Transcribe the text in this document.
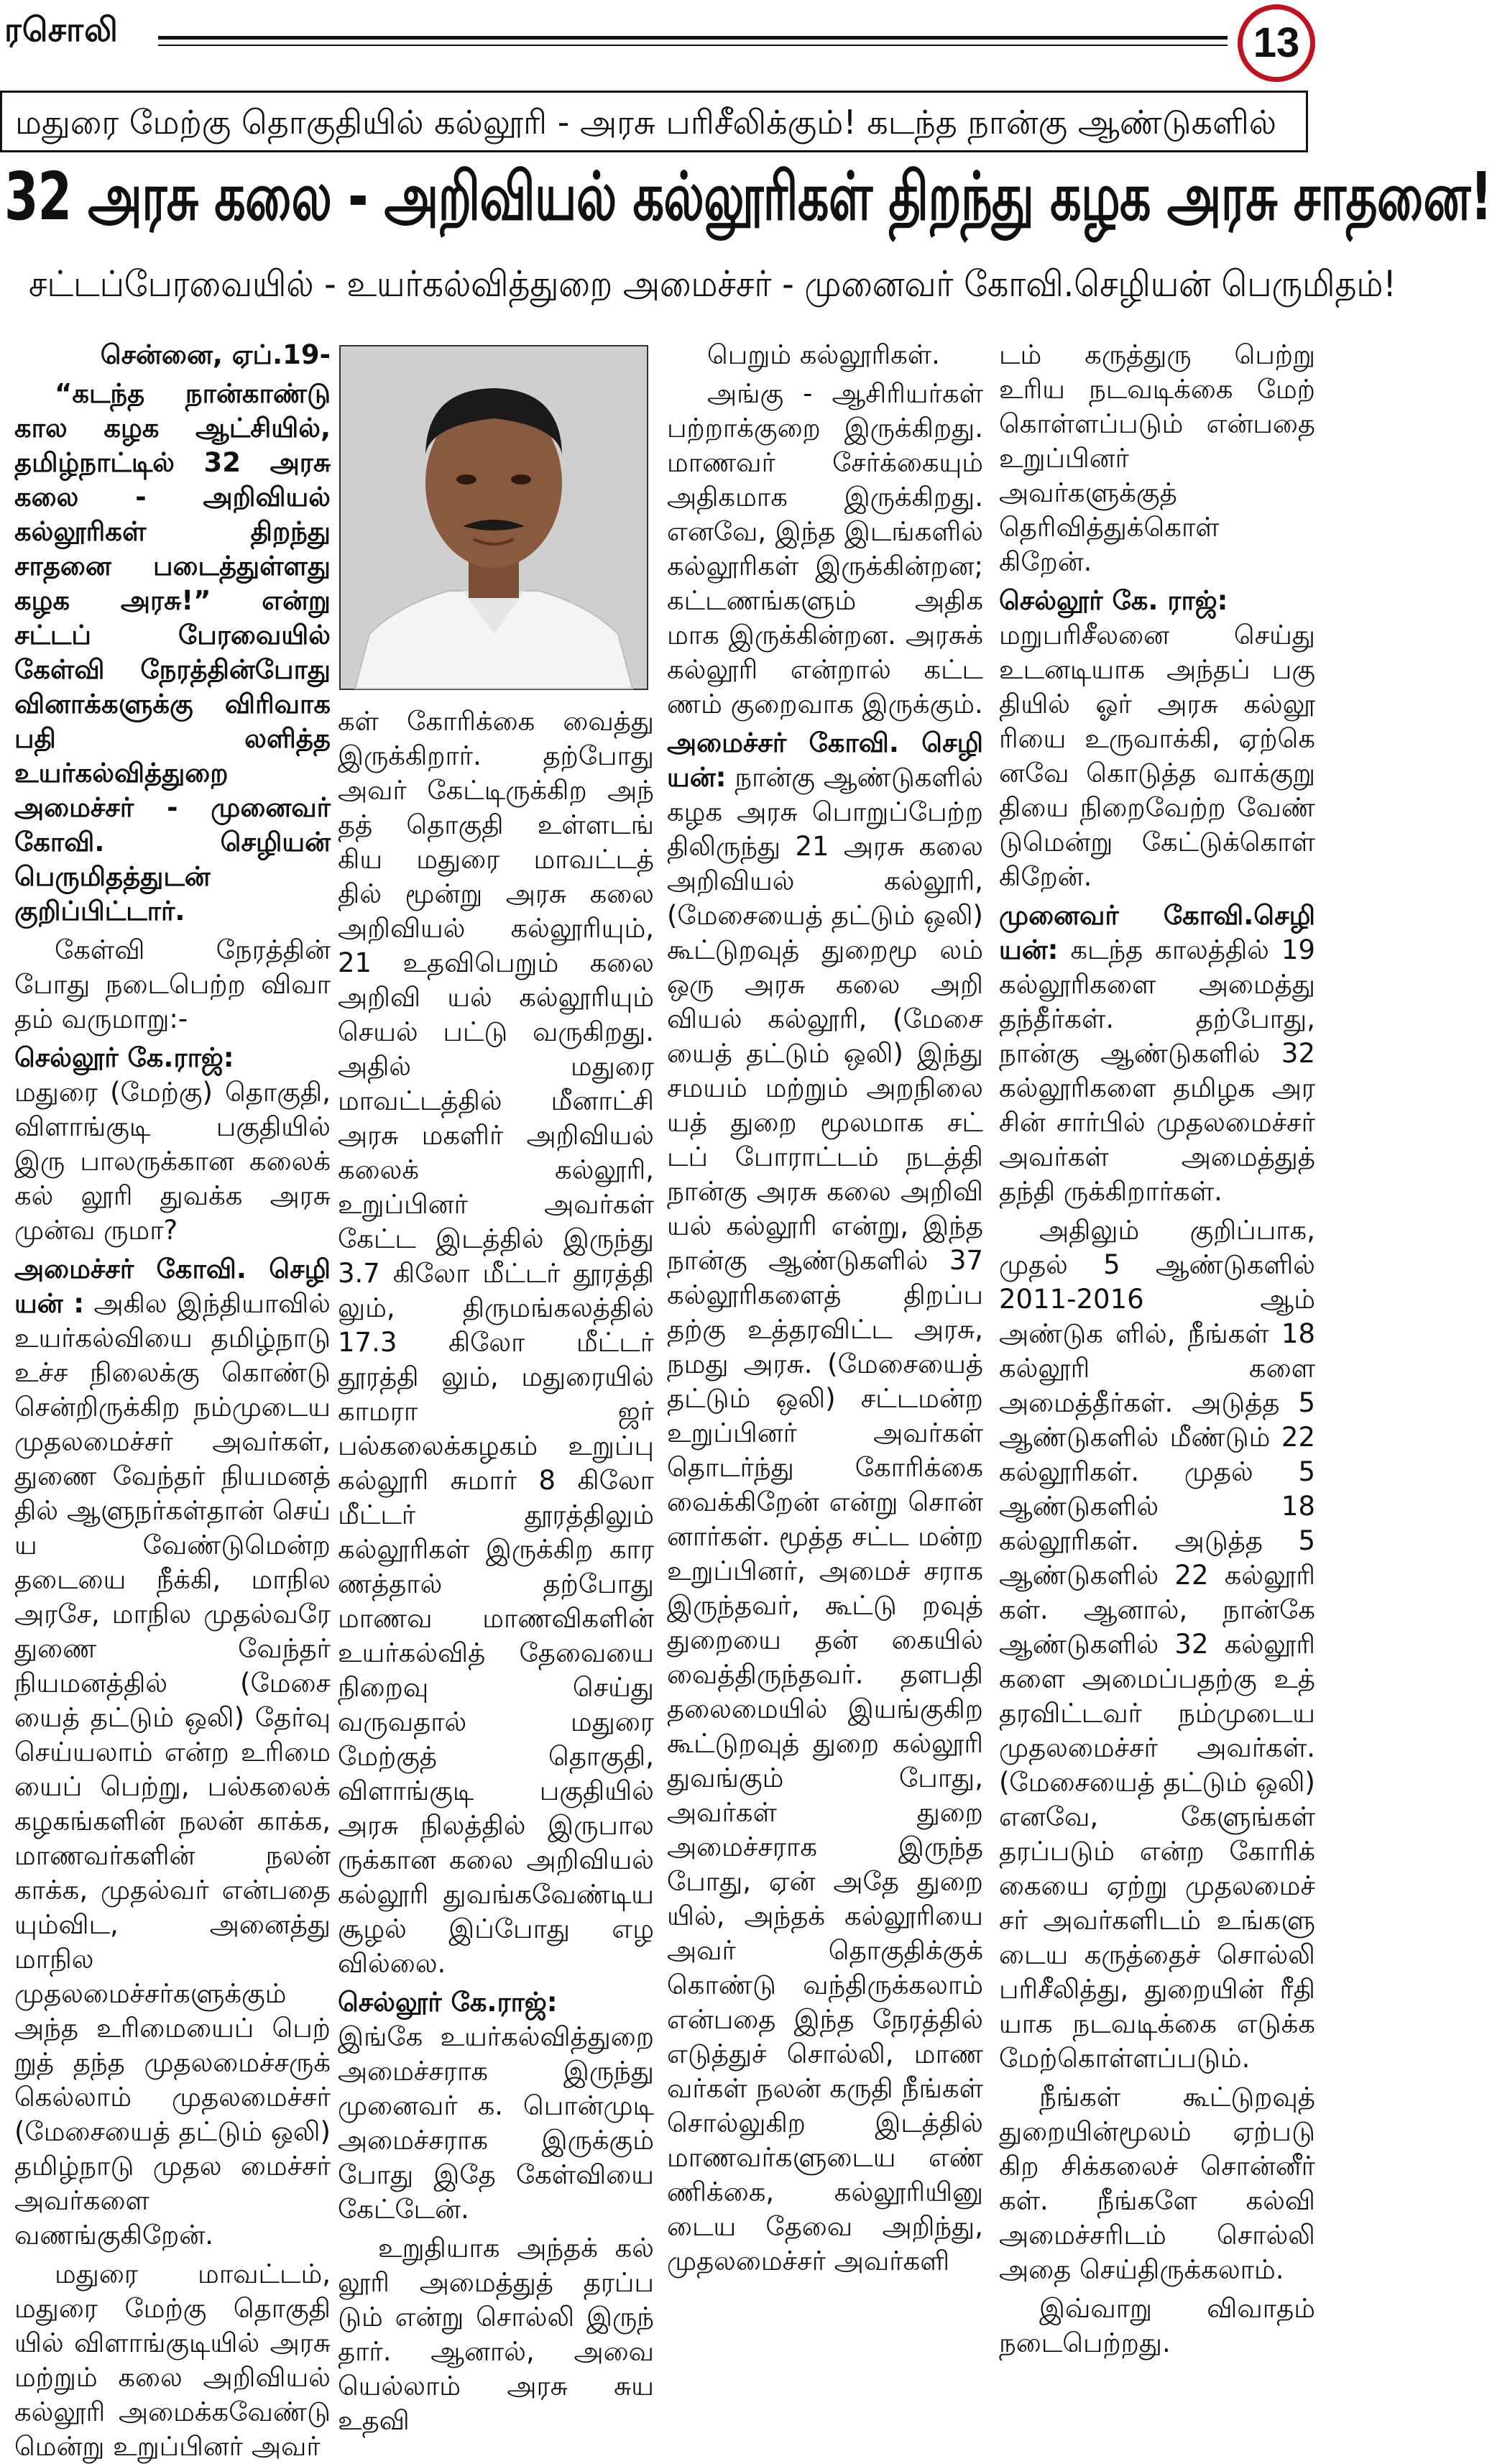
ரசொலி	13
மதுரை மேற்கு தொகுதியில் கல்லூரி - அரசு பரிசீலிக்கும்! கடந்த நான்கு ஆண்டுகளில்
32 அரசு கலை - அறிவியல் கல்லூரிகள் திறந்து கழக அரசு சாதனை!
சட்டப்பேரவையில் - உயர்கல்வித்துறை அமைச்சர் - முனைவர் கோவி.செழியன் பெருமிதம்!

சென்னை, ஏப்.19-

“கடந்த நான்காண்டு கால கழக ஆட்சியில், தமிழ்நாட்டில் 32 அரசு கலை - அறிவியல் கல்லூரிகள் திறந்து சாதனை படைத்துள்ளது கழக அரசு!” என்று சட்டப் பேரவையில் கேள்வி நேரத்தின்போது வினாக்களுக்கு விரிவாக பதி லளித்த உயர்கல்வித்துறை அமைச்சர் - முனைவர் கோவி. செழியன் பெருமிதத்துடன் குறிப்பிட்டார்.

கேள்வி நேரத்தின் போது நடைபெற்ற விவா தம் வருமாறு:-

செல்லூர் கே.ராஜ்:
மதுரை (மேற்கு) தொகுதி, விளாங்குடி பகுதியில் இரு பாலருக்கான கலைக் கல் லூரி துவக்க அரசு முன்வ ருமா?

அமைச்சர் கோவி. செழி யன் : அகில இந்தியாவில் உயர்கல்வியை தமிழ்நாடு உச்ச நிலைக்கு கொண்டு சென்றிருக்கிற நம்முடைய முதலமைச்சர் அவர்கள், துணை வேந்தர் நியமனத் தில் ஆளுநர்கள்தான் செய் ய வேண்டுமென்ற தடையை நீக்கி, மாநில அரசே, மாநில முதல்வரே துணை வேந்தர் நியமனத்தில் (மேசை யைத் தட்டும் ஒலி) தேர்வு செய்யலாம் என்ற உரிமை யைப் பெற்று, பல்கலைக் கழகங்களின் நலன் காக்க, மாணவர்களின் நலன் காக்க, முதல்வர் என்பதை யும்விட, அனைத்து மாநில முதலமைச்சர்களுக்கும் அந்த உரிமையைப் பெற் றுத் தந்த முதலமைச்சருக் கெல்லாம் முதலமைச்சர் (மேசையைத் தட்டும் ஒலி) தமிழ்நாடு முதல மைச்சர் அவர்களை வணங்குகிறேன்.

மதுரை மாவட்டம், மதுரை மேற்கு தொகுதி யில் விளாங்குடியில் அரசு மற்றும் கலை அறிவியல் கல்லூரி அமைக்கவேண்டு மென்று உறுப்பினர் அவர்

கள் கோரிக்கை வைத்து இருக்கிறார். தற்போது அவர் கேட்டிருக்கிற அந் தத் தொகுதி உள்ளடங் கிய மதுரை மாவட்டத் தில் மூன்று அரசு கலை அறிவியல் கல்லூரியும், 21 உதவிபெறும் கலை அறிவி யல் கல்லூரியும் செயல் பட்டு வருகிறது. அதில் மதுரை மாவட்டத்தில் மீனாட்சி அரசு மகளிர் அறிவியல் கலைக் கல்லூரி, உறுப்பினர் அவர்கள் கேட்ட இடத்தில் இருந்து 3.7 கிலோ மீட்டர் தூரத்தி லும், திருமங்கலத்தில் 17.3 கிலோ மீட்டர் தூரத்தி லும், மதுரையில் காமரா ஜர் பல்கலைக்கழகம் உறுப்பு கல்லூரி சுமார் 8 கிலோ மீட்டர் தூரத்திலும் கல்லூரிகள் இருக்கிற கார ணத்தால் தற்போது மாணவ மாணவிகளின் உயர்கல்வித் தேவையை நிறைவு செய்து வருவதால் மதுரை மேற்குத் தொகுதி, விளாங்குடி பகுதியில் அரசு நிலத்தில் இருபால ருக்கான கலை அறிவியல் கல்லூரி துவங்கவேண்டிய சூழல் இப்போது எழ வில்லை.

செல்லூர் கே.ராஜ்:
இங்கே உயர்கல்வித்துறை அமைச்சராக இருந்து முனைவர் க. பொன்முடி அமைச்சராக இருக்கும் போது இதே கேள்வியை கேட்டேன்.

உறுதியாக அந்தக் கல் லூரி அமைத்துத் தரப்ப டும் என்று சொல்லி இருந் தார். ஆனால், அவை யெல்லாம் அரசு சுய உதவி

பெறும் கல்லூரிகள்.

அங்கு - ஆசிரியர்கள் பற்றாக்குறை இருக்கிறது. மாணவர் சேர்க்கையும் அதிகமாக இருக்கிறது. எனவே, இந்த இடங்களில் கல்லூரிகள் இருக்கின்றன; கட்டணங்களும் அதிக மாக இருக்கின்றன. அரசுக் கல்லூரி என்றால் கட்ட ணம் குறைவாக இருக்கும்.

அமைச்சர் கோவி. செழி யன்: நான்கு ஆண்டுகளில் கழக அரசு பொறுப்பேற்ற திலிருந்து 21 அரசு கலை அறிவியல் கல்லூரி, (மேசையைத் தட்டும் ஒலி) கூட்டுறவுத் துறைமூ லம் ஒரு அரசு கலை அறி வியல் கல்லூரி, (மேசை யைத் தட்டும் ஒலி) இந்து சமயம் மற்றும் அறநிலை யத் துறை மூலமாக சட் டப் போராட்டம் நடத்தி நான்கு அரசு கலை அறிவி யல் கல்லூரி என்று, இந்த நான்கு ஆண்டுகளில் 37 கல்லூரிகளைத் திறப்ப தற்கு உத்தரவிட்ட அரசு, நமது அரசு. (மேசையைத் தட்டும் ஒலி) சட்டமன்ற உறுப்பினர் அவர்கள் தொடர்ந்து கோரிக்கை வைக்கிறேன் என்று சொன் னார்கள். மூத்த சட்ட மன்ற உறுப்பினர், அமைச் சராக இருந்தவர், கூட்டு றவுத் துறையை தன் கையில் வைத்திருந்தவர். தளபதி தலைமையில் இயங்குகிற கூட்டுறவுத் துறை கல்லூரி துவங்கும் போது, அவர்கள் துறை அமைச்சராக இருந்த போது, ஏன் அதே துறை யில், அந்தக் கல்லூரியை அவர் தொகுதிக்குக் கொண்டு வந்திருக்கலாம் என்பதை இந்த நேரத்தில் எடுத்துச் சொல்லி, மாண வர்கள் நலன் கருதி நீங்கள் சொல்லுகிற இடத்தில் மாணவர்களுடைய எண் ணிக்கை, கல்லூரியினு டைய தேவை அறிந்து, முதலமைச்சர் அவர்களி

டம் கருத்துரு பெற்று உரிய நடவடிக்கை மேற் கொள்ளப்படும் என்பதை உறுப்பினர் அவர்களுக்குத் தெரிவித்துக்கொள் கிறேன்.

செல்லூர் கே. ராஜ்:
மறுபரிசீலனை செய்து உடனடியாக அந்தப் பகு தியில் ஓர் அரசு கல்லூ ரியை உருவாக்கி, ஏற்கெ னவே கொடுத்த வாக்குறு தியை நிறைவேற்ற வேண் டுமென்று கேட்டுக்கொள் கிறேன்.

முனைவர் கோவி.செழி யன்: கடந்த காலத்தில் 19 கல்லூரிகளை அமைத்து தந்தீர்கள். தற்போது, நான்கு ஆண்டுகளில் 32 கல்லூரிகளை தமிழக அர சின் சார்பில் முதலமைச்சர் அவர்கள் அமைத்துத் தந்தி ருக்கிறார்கள்.

அதிலும் குறிப்பாக, முதல் 5 ஆண்டுகளில் 2011-2016 ஆம் அண்டுக ளில், நீங்கள் 18 கல்லூரி களை அமைத்தீர்கள். அடுத்த 5 ஆண்டுகளில் மீண்டும் 22 கல்லூரிகள். முதல் 5 ஆண்டுகளில் 18 கல்லூரிகள். அடுத்த 5 ஆண்டுகளில் 22 கல்லூரி கள். ஆனால், நான்கே ஆண்டுகளில் 32 கல்லூரி களை அமைப்பதற்கு உத் தரவிட்டவர் நம்முடைய முதலமைச்சர் அவர்கள். (மேசையைத் தட்டும் ஒலி) எனவே, கேளுங்கள் தரப்படும் என்ற கோரிக் கையை ஏற்று முதலமைச் சர் அவர்களிடம் உங்களு டைய கருத்தைச் சொல்லி பரிசீலித்து, துறையின் ரீதி யாக நடவடிக்கை எடுக்க மேற்கொள்ளப்படும்.

நீங்கள் கூட்டுறவுத் துறையின்மூலம் ஏற்படு கிற சிக்கலைச் சொன்னீர் கள். நீங்களே கல்வி அமைச்சரிடம் சொல்லி அதை செய்திருக்கலாம்.

இவ்வாறு விவாதம் நடைபெற்றது.
